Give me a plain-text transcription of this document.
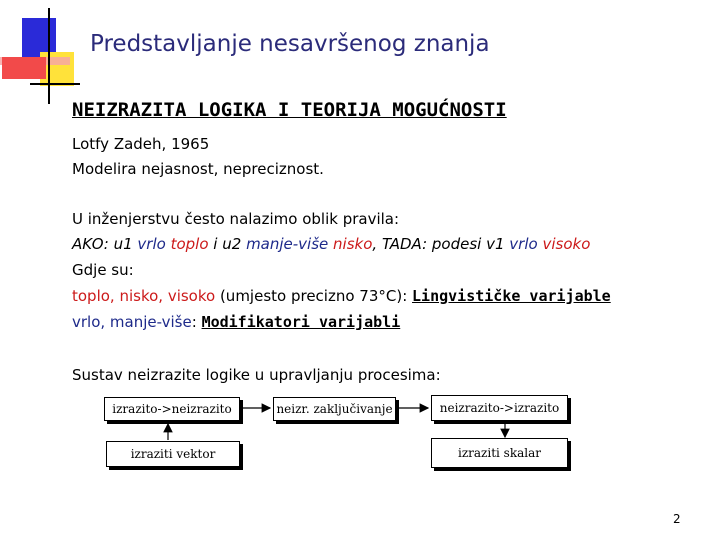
Predstavljanje nesavršenog znanja
NEIZRAZITA LOGIKA I TEORIJA MOGUĆNOSTI
Lotfy Zadeh, 1965
Modelira nejasnost, nepreciznost.
U inženjerstvu često nalazimo oblik pravila:
AKO: u1 vrlo toplo i u2 manje-više nisko, TADA: podesi v1 vrlo visoko
Gdje su:
toplo, nisko, visoko (umjesto precizno 73°C): Lingvističke varijable
vrlo, manje-više: Modifikatori varijabli
Sustav neizrazite logike u upravljanju procesima:
izrazito->neizrazito	neizr. zaključivanje	neizrazito->izrazito
izraziti vektor	izraziti skalar
2
